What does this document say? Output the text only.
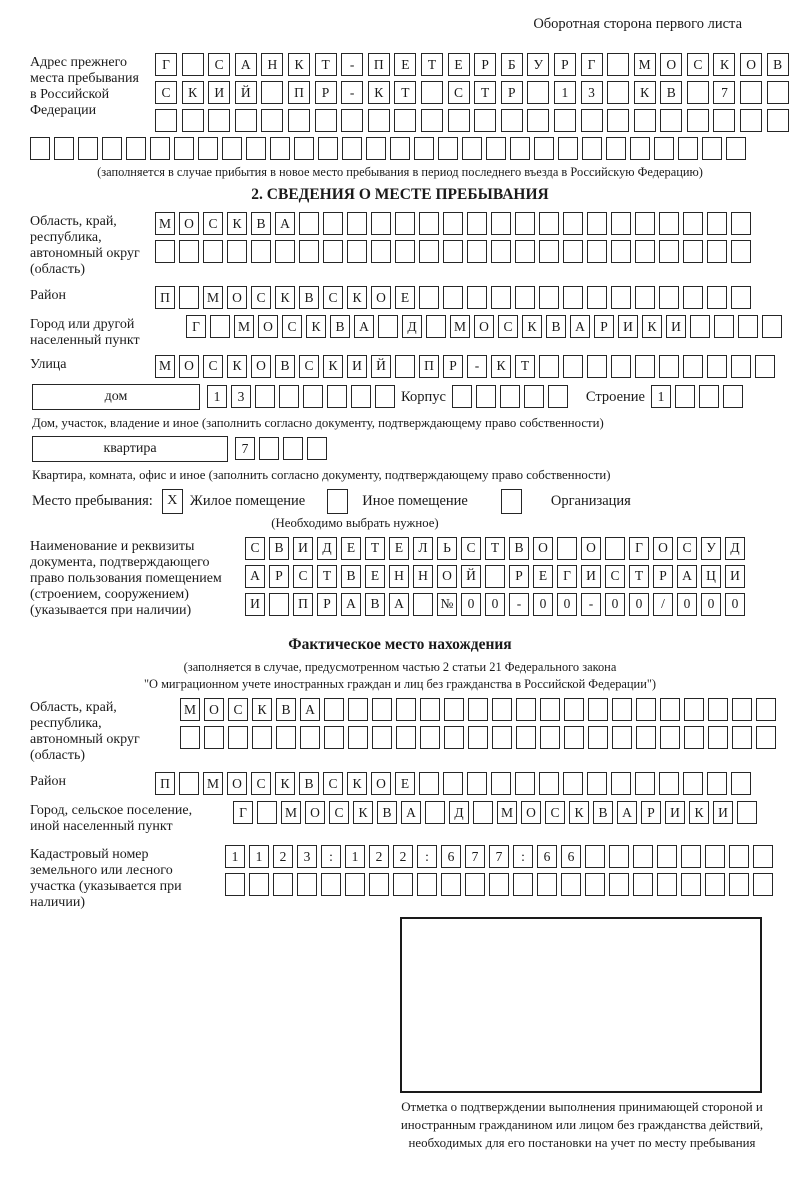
Оборотная сторона первого листа
Адрес прежнего места пребывания в Российской Федерации
Г	С	А	Н	К	Т	-	П	Е	Т	Е	Р	Б	У	Р	Г	М	О	С	К	О	В
С	К	И	Й	П	Р	-	К	Т	С	Т	Р	1	3	К	В	7
(заполняется в случае прибытия в новое место пребывания в период последнего въезда в Российскую Федерацию)
2. СВЕДЕНИЯ О МЕСТЕ ПРЕБЫВАНИЯ
Область, край, республика, автономный округ (область)
М О	С	К	В	А
Район	П	М О	С	К	В	С	К	О	Е
Город или другой населенный пункт
Г	М О	С	К	В	А	Д	М О	С	К	В	А	Р	И	К	И
Улица	М О	С	К	О	В	С	К	И	Й	П	Р	-	К	Т
дом	1	3	Корпус	Строение 1
Дом, участок, владение и иное (заполнить согласно документу, подтверждающему право собственности)
квартира	7
Квартира, комната, офис и иное (заполнить согласно документу, подтверждающему право собственности)
Место пребывания:	X Жилое помещение	Иное помещение	Организация
(Необходимо выбрать нужное)
Наименование и реквизиты документа, подтверждающего право пользования помещением (строением, сооружением) (указывается при наличии)
С	В	И	Д	Е	Т	Е	Л	Ь	С	Т	В	О	О	Г	О	С	У	Д
А	Р	С	Т	В	Е	Н	Н	О	Й	Р	Е	Г	И	С	Т	Р	А	Ц	И
И	П	Р	А	В	А	№	0	0	-	0	0	-	0	0	/	0	0	0
Фактическое место нахождения
(заполняется в случае, предусмотренном частью 2 статьи 21 Федерального закона
"О миграционном учете иностранных граждан и лиц без гражданства в Российской Федерации")
Область, край, республика, автономный округ (область)
М О	С	К	В	А
Район	П	М О	С	К	В	С	К	О	Е
Город, сельское поселение, иной населенный пункт
Г	М О	С	К	В	А	Д	М О	С	К	В	А	Р	И	К	И
Кадастровый номер земельного или лесного участка (указывается при наличии)
1	1	2	3	:	1	2	2	:	6	7	7	:	6	6
Отметка о подтверждении выполнения принимающей стороной и иностранным гражданином или лицом без гражданства действий, необходимых для его постановки на учет по месту пребывания
